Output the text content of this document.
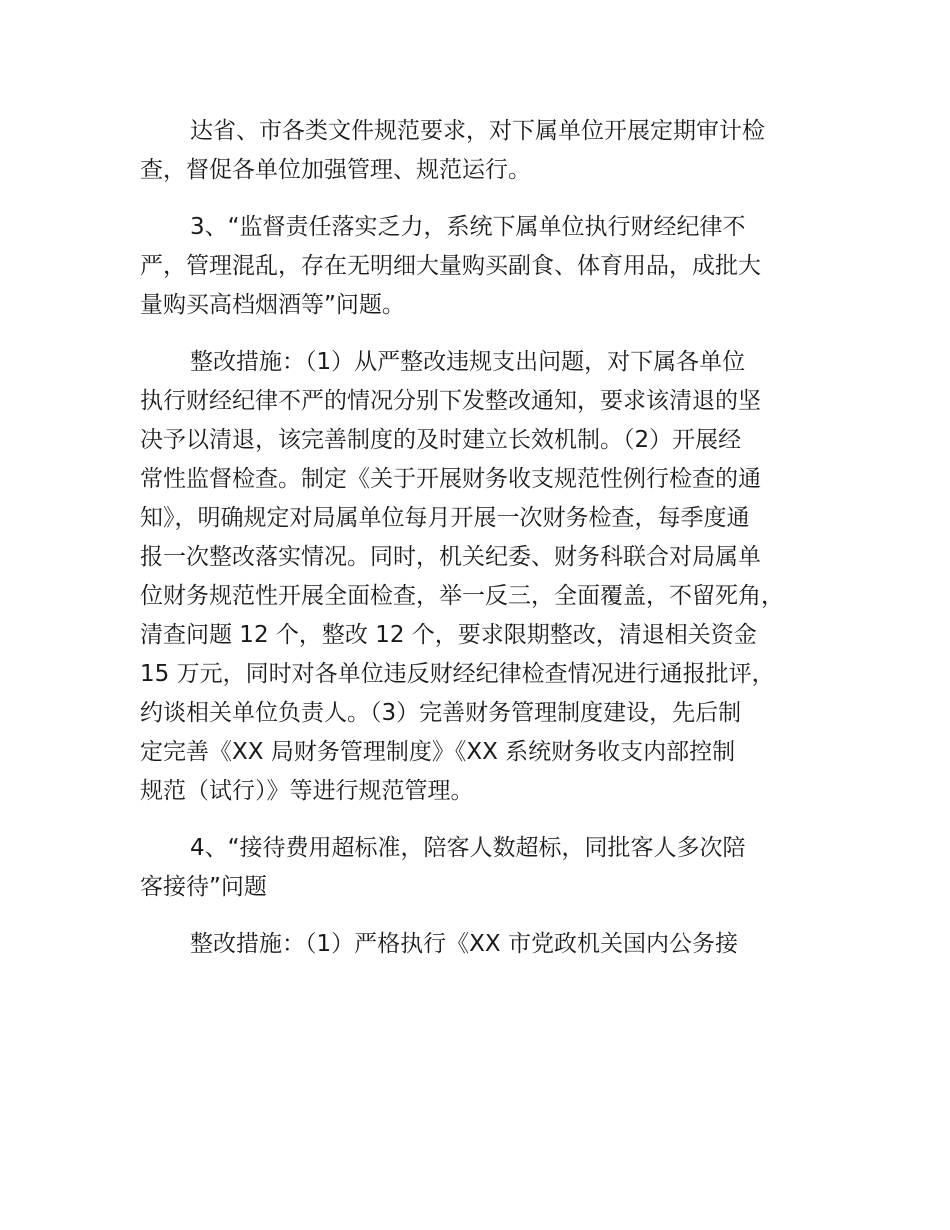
达省、市各类文件规范要求，对下属单位开展定期审计检
查，督促各单位加强管理、规范运行。
3、“监督责任落实乏力，系统下属单位执行财经纪律不
严，管理混乱，存在无明细大量购买副食、体育用品，成批大
量购买高档烟酒等”问题。
整改措施：（1）从严整改违规支出问题，对下属各单位
执行财经纪律不严的情况分别下发整改通知，要求该清退的坚
决予以清退，该完善制度的及时建立长效机制。（2）开展经
常性监督检查。制定《关于开展财务收支规范性例行检查的通
知》，明确规定对局属单位每月开展一次财务检查，每季度通
报一次整改落实情况。同时，机关纪委、财务科联合对局属单
位财务规范性开展全面检查，举一反三，全面覆盖，不留死角，
清查问题 12 个，整改 12 个，要求限期整改，清退相关资金
15 万元，同时对各单位违反财经纪律检查情况进行通报批评，
约谈相关单位负责人。（3）完善财务管理制度建设，先后制
定完善《XX 局财务管理制度》《XX 系统财务收支内部控制
规范（试行）》等进行规范管理。
4、“接待费用超标准，陪客人数超标，同批客人多次陪
客接待”问题
整改措施：（1）严格执行《XX 市党政机关国内公务接
